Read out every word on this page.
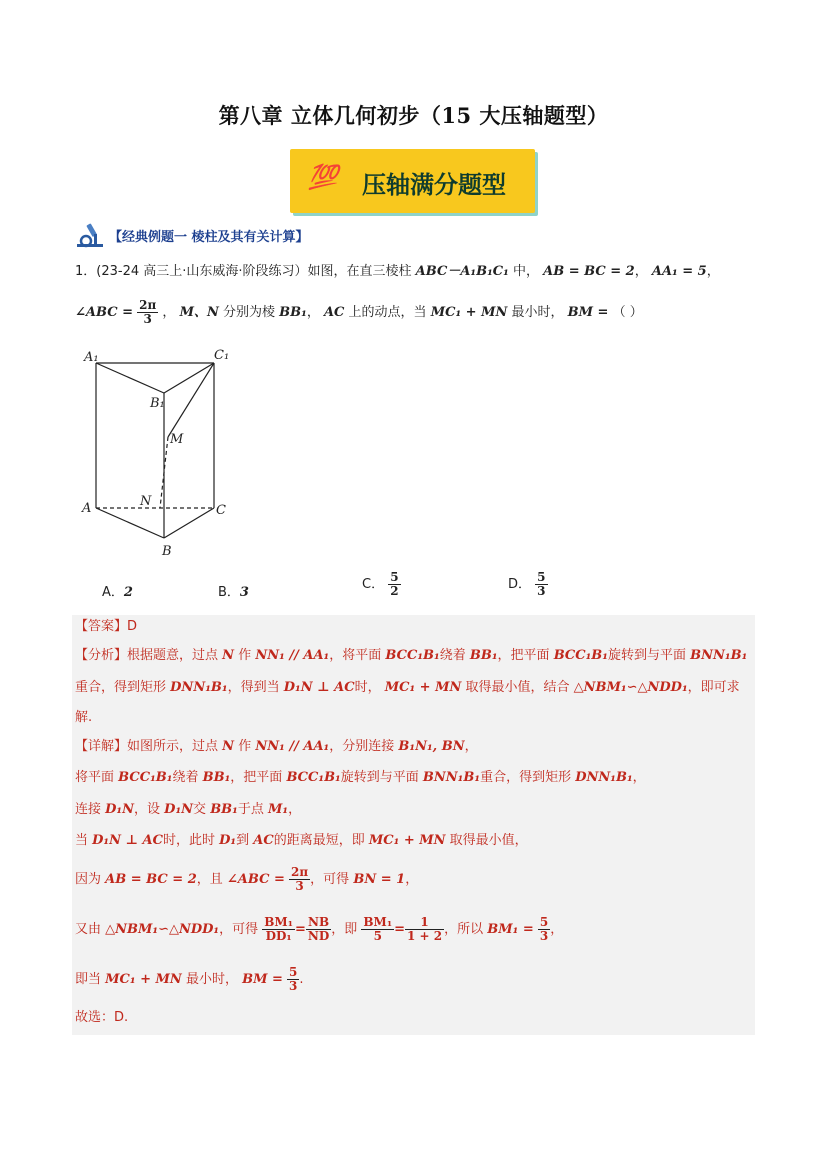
第八章 立体几何初步（15 大压轴题型）
💯 压轴满分题型
【经典例题一 棱柱及其有关计算】
1．(23-24 高三上·山东威海·阶段练习）如图，在直三棱柱 ABC－A₁B₁C₁ 中， AB = BC = 2， AA₁ = 5，
∠ABC = $\frac{2\pi}{3}$ ， M、N 分别为棱 BB₁， AC 上的动点，当 MC₁ + MN 最小时， BM = （ ）
A₁	C₁
B₁
M
N
A	C
B
A．2	B．3
C． $\frac{5}{2}$	D． $\frac{5}{3}$
【答案】D
【分析】根据题意，过点 N 作 NN₁ // AA₁，将平面 BCC₁B₁绕着 BB₁，把平面 BCC₁B₁旋转到与平面 BNN₁B₁
重合，得到矩形 DNN₁B₁，得到当 D₁N ⊥ AC时， MC₁ + MN 取得最小值，结合 △NBM₁∽△NDD₁，即可求
解.
【详解】如图所示，过点 N 作 NN₁ // AA₁，分别连接 B₁N₁, BN，
将平面 BCC₁B₁绕着 BB₁，把平面 BCC₁B₁旋转到与平面 BNN₁B₁重合，得到矩形 DNN₁B₁，
连接 D₁N，设 D₁N交 BB₁于点 M₁，
当 D₁N ⊥ AC时，此时 D₁到 AC的距离最短，即 MC₁ + MN 取得最小值，
因为 AB = BC = 2，且 ∠ABC = $\frac{2\pi}{3}$ ，可得 BN = 1，
又由 △NBM₁∽△NDD₁，可得 $\frac{\text{BM₁}}{\text{DD₁}} = \frac{NB}{ND}$ ，即 $\frac{\text{BM₁}}{5} = \frac{1}{1 + 2}$ ，所以 $BM_1 = \frac{5}{3}$ ，
即当 MC₁ + MN 最小时， BM = $\frac{5}{3}$ .
故选：D.
